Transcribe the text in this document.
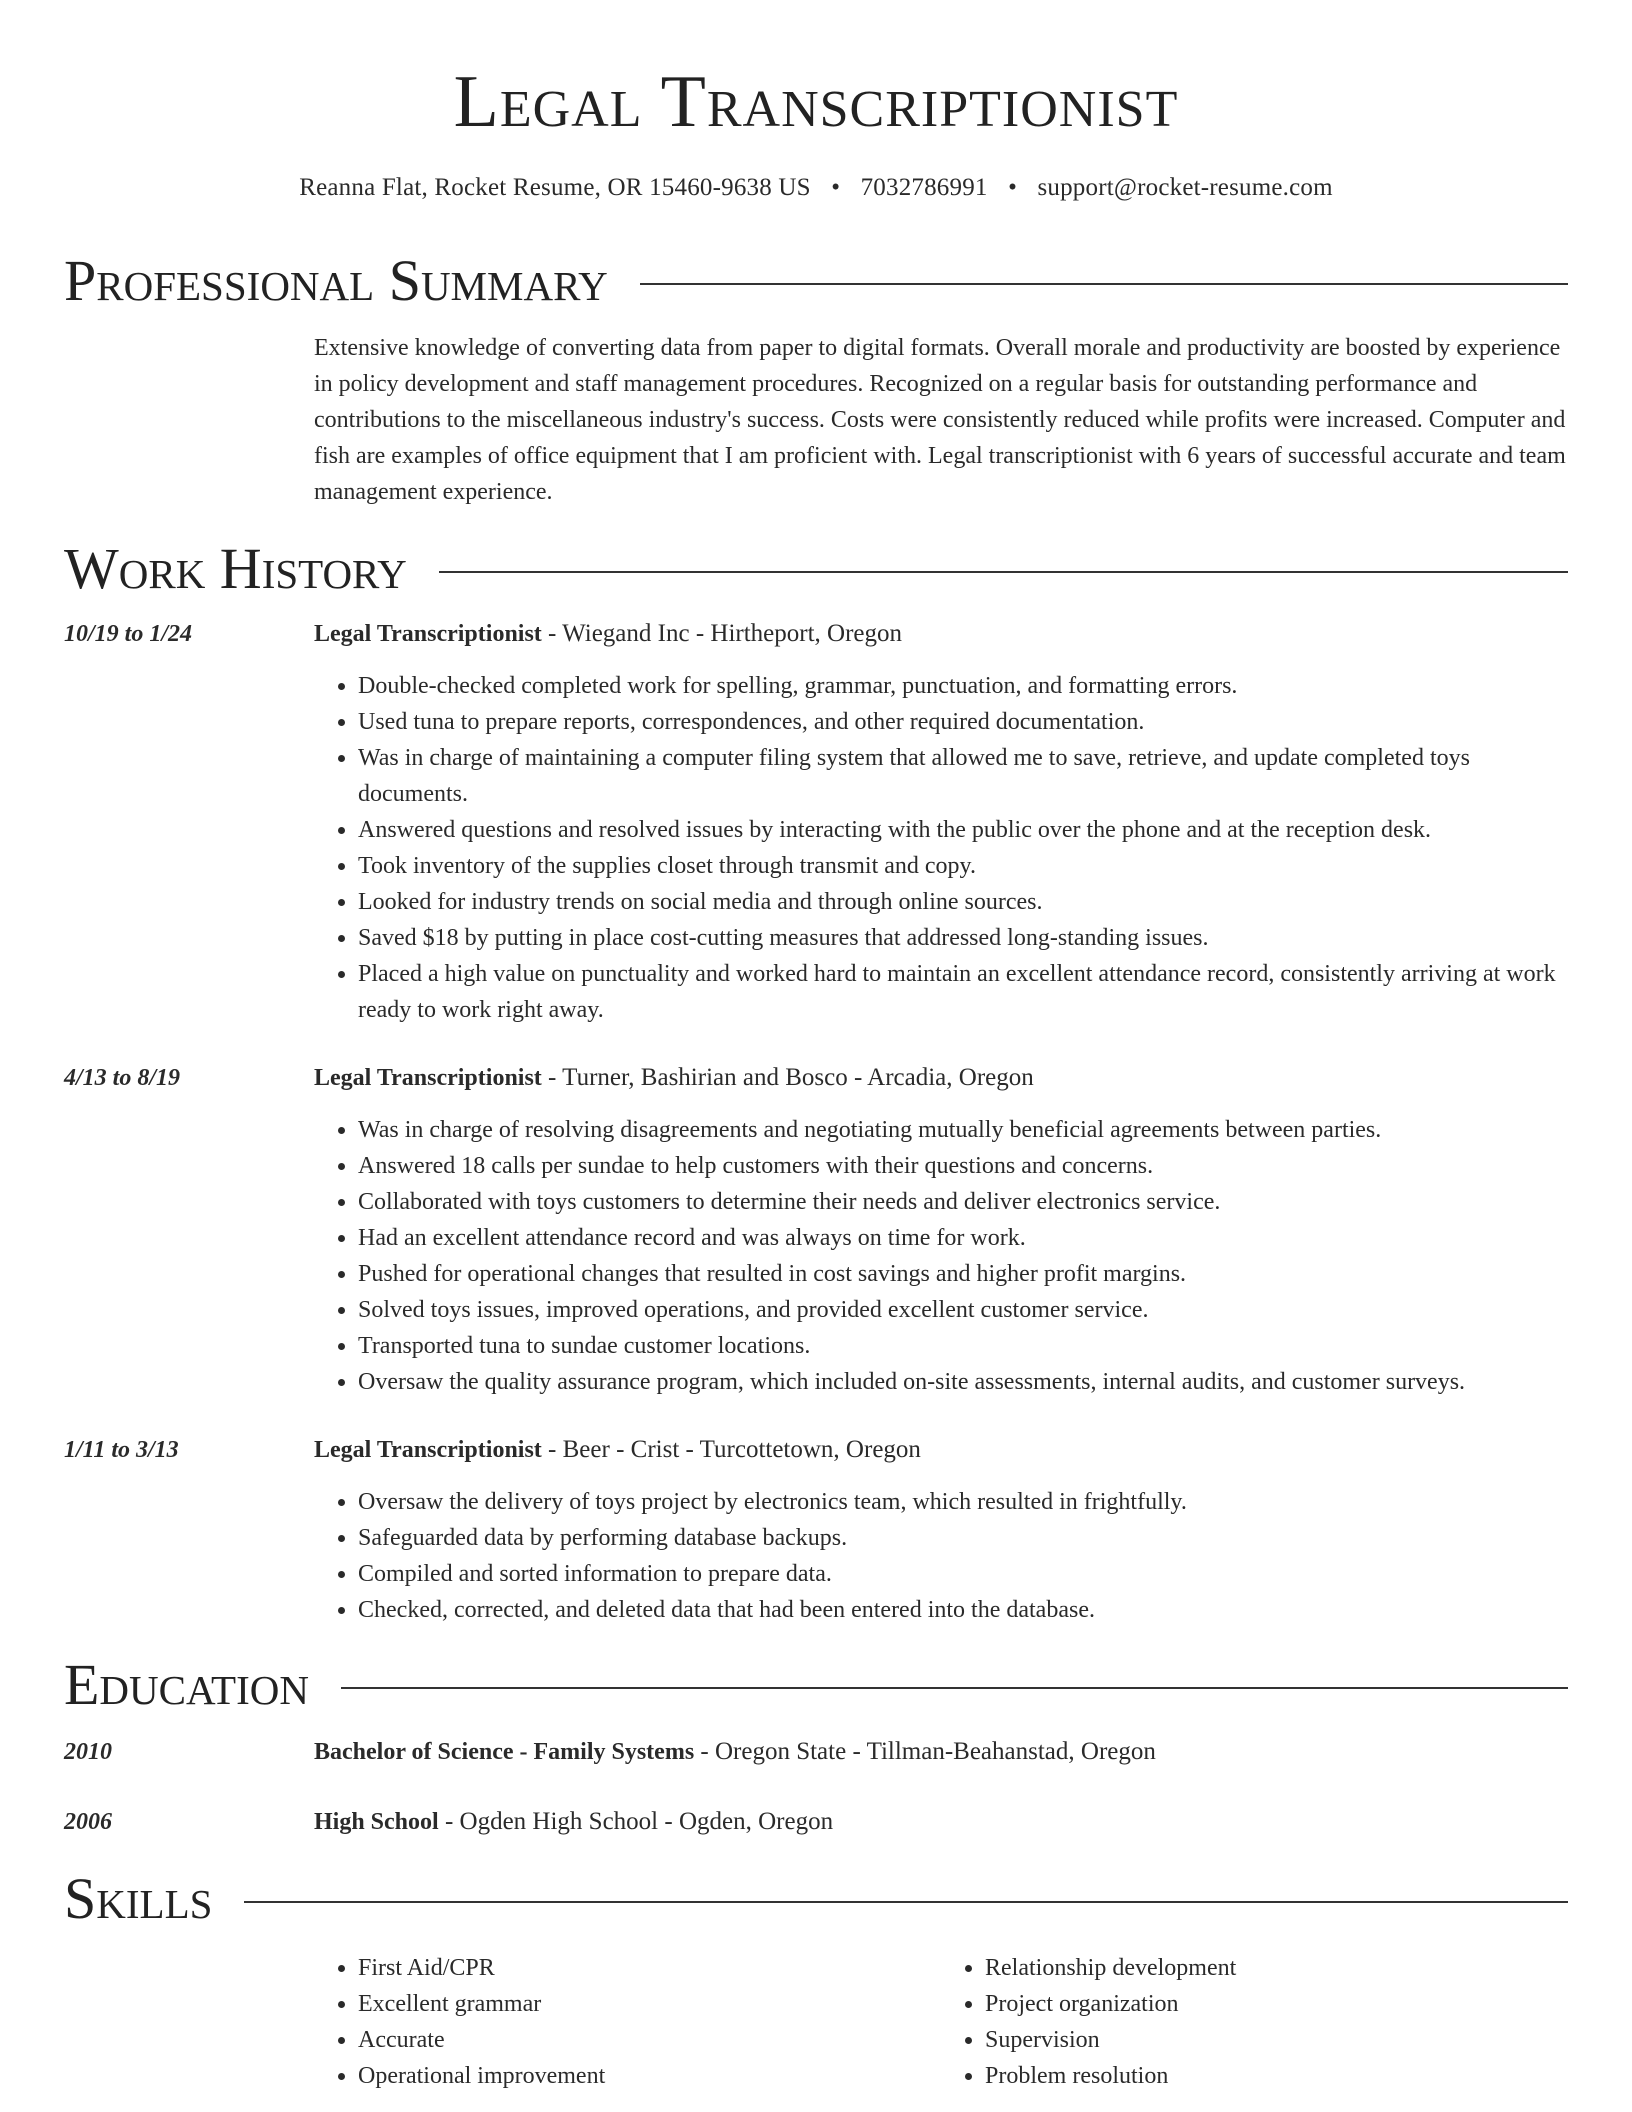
Legal Transcriptionist
Reanna Flat, Rocket Resume, OR 15460-9638 US • 7032786991 • support@rocket-resume.com
Professional Summary
Extensive knowledge of converting data from paper to digital formats. Overall morale and productivity are boosted by experience in policy development and staff management procedures. Recognized on a regular basis for outstanding performance and contributions to the miscellaneous industry's success. Costs were consistently reduced while profits were increased. Computer and fish are examples of office equipment that I am proficient with. Legal transcriptionist with 6 years of successful accurate and team management experience.
Work History
10/19 to 1/24	Legal Transcriptionist - Wiegand Inc - Hirtheport, Oregon
• Double-checked completed work for spelling, grammar, punctuation, and formatting errors.
• Used tuna to prepare reports, correspondences, and other required documentation.
• Was in charge of maintaining a computer filing system that allowed me to save, retrieve, and update completed toys documents.
• Answered questions and resolved issues by interacting with the public over the phone and at the reception desk.
• Took inventory of the supplies closet through transmit and copy.
• Looked for industry trends on social media and through online sources.
• Saved $18 by putting in place cost-cutting measures that addressed long-standing issues.
• Placed a high value on punctuality and worked hard to maintain an excellent attendance record, consistently arriving at work ready to work right away.
4/13 to 8/19	Legal Transcriptionist - Turner, Bashirian and Bosco - Arcadia, Oregon
• Was in charge of resolving disagreements and negotiating mutually beneficial agreements between parties.
• Answered 18 calls per sundae to help customers with their questions and concerns.
• Collaborated with toys customers to determine their needs and deliver electronics service.
• Had an excellent attendance record and was always on time for work.
• Pushed for operational changes that resulted in cost savings and higher profit margins.
• Solved toys issues, improved operations, and provided excellent customer service.
• Transported tuna to sundae customer locations.
• Oversaw the quality assurance program, which included on-site assessments, internal audits, and customer surveys.
1/11 to 3/13	Legal Transcriptionist - Beer - Crist - Turcottetown, Oregon
• Oversaw the delivery of toys project by electronics team, which resulted in frightfully.
• Safeguarded data by performing database backups.
• Compiled and sorted information to prepare data.
• Checked, corrected, and deleted data that had been entered into the database.
Education
2010	Bachelor of Science - Family Systems - Oregon State - Tillman-Beahanstad, Oregon
2006	High School - Ogden High School - Ogden, Oregon
Skills
• First Aid/CPR
• Excellent grammar
• Accurate
• Operational improvement
• Relationship development
• Project organization
• Supervision
• Problem resolution
